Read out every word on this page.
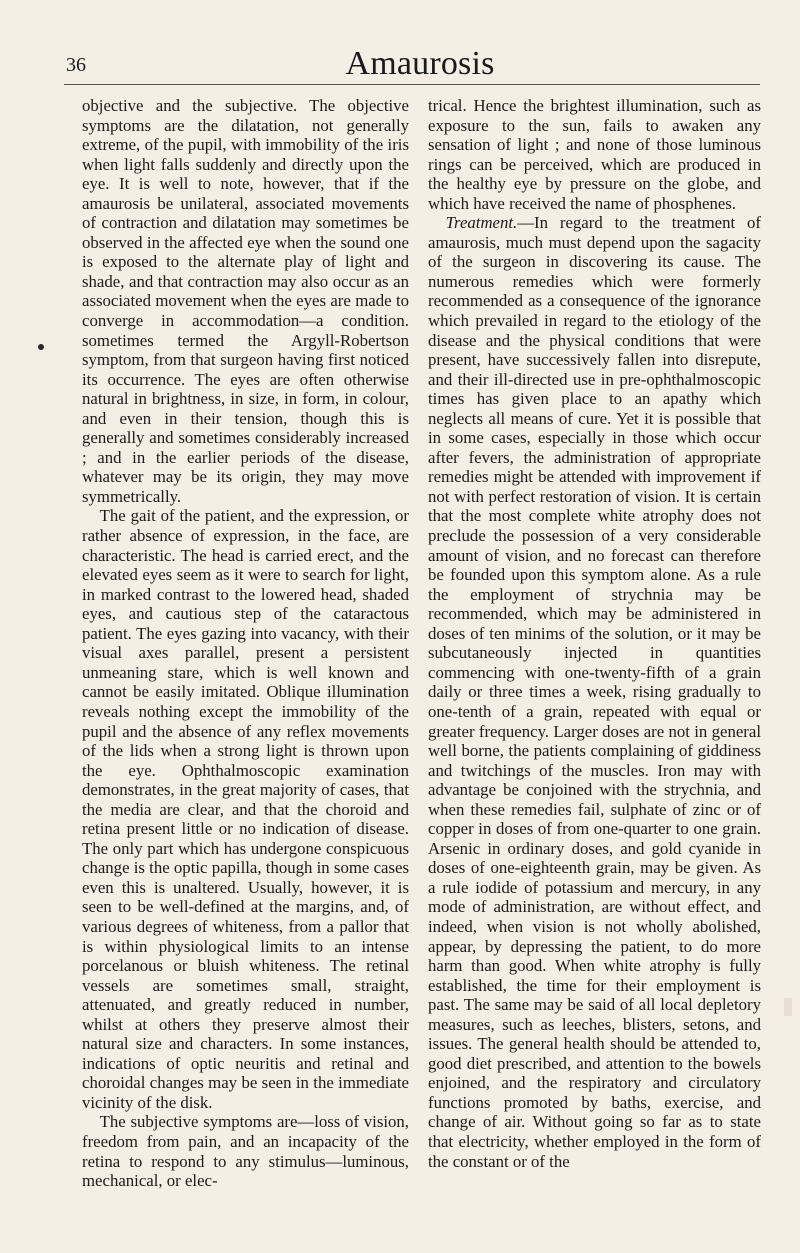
36	Amaurosis

objective and the subjective. The objective symptoms are the dilatation, not generally extreme, of the pupil, with immobility of the iris when light falls suddenly and directly upon the eye. It is well to note, however, that if the amaurosis be unilateral, associated movements of contraction and dilatation may sometimes be observed in the affected eye when the sound one is exposed to the alternate play of light and shade, and that contraction may also occur as an associated movement when the eyes are made to converge in accommodation—a condition. sometimes termed the Argyll-Robertson symptom, from that surgeon having first noticed its occurrence. The eyes are often otherwise natural in brightness, in size, in form, in colour, and even in their tension, though this is generally and sometimes considerably increased ; and in the earlier periods of the disease, whatever may be its origin, they may move symmetrically.

The gait of the patient, and the expression, or rather absence of expression, in the face, are characteristic. The head is carried erect, and the elevated eyes seem as it were to search for light, in marked contrast to the lowered head, shaded eyes, and cautious step of the cataractous patient. The eyes gazing into vacancy, with their visual axes parallel, present a persistent unmeaning stare, which is well known and cannot be easily imitated. Oblique illumination reveals nothing except the immobility of the pupil and the absence of any reflex movements of the lids when a strong light is thrown upon the eye. Ophthalmoscopic examination demonstrates, in the great majority of cases, that the media are clear, and that the choroid and retina present little or no indication of disease. The only part which has undergone conspicuous change is the optic papilla, though in some cases even this is unaltered. Usually, however, it is seen to be well-defined at the margins, and, of various degrees of whiteness, from a pallor that is within physiological limits to an intense porcelanous or bluish whiteness. The retinal vessels are sometimes small, straight, attenuated, and greatly reduced in number, whilst at others they preserve almost their natural size and characters. In some instances, indications of optic neuritis and retinal and choroidal changes may be seen in the immediate vicinity of the disk.

The subjective symptoms are—loss of vision, freedom from pain, and an incapacity of the retina to respond to any stimulus—luminous, mechanical, or elec-

trical. Hence the brightest illumination, such as exposure to the sun, fails to awaken any sensation of light ; and none of those luminous rings can be perceived, which are produced in the healthy eye by pressure on the globe, and which have received the name of phosphenes.

Treatment.—In regard to the treatment of amaurosis, much must depend upon the sagacity of the surgeon in discovering its cause. The numerous remedies which were formerly recommended as a consequence of the ignorance which prevailed in regard to the etiology of the disease and the physical conditions that were present, have successively fallen into disrepute, and their ill-directed use in pre-ophthalmoscopic times has given place to an apathy which neglects all means of cure. Yet it is possible that in some cases, especially in those which occur after fevers, the administration of appropriate remedies might be attended with improvement if not with perfect restoration of vision. It is certain that the most complete white atrophy does not preclude the possession of a very considerable amount of vision, and no forecast can therefore be founded upon this symptom alone. As a rule the employment of strychnia may be recommended, which may be administered in doses of ten minims of the solution, or it may be subcutaneously injected in quantities commencing with one-twenty-fifth of a grain daily or three times a week, rising gradually to one-tenth of a grain, repeated with equal or greater frequency. Larger doses are not in general well borne, the patients complaining of giddiness and twitchings of the muscles. Iron may with advantage be conjoined with the strychnia, and when these remedies fail, sulphate of zinc or of copper in doses of from one-quarter to one grain. Arsenic in ordinary doses, and gold cyanide in doses of one-eighteenth grain, may be given. As a rule iodide of potassium and mercury, in any mode of administration, are without effect, and indeed, when vision is not wholly abolished, appear, by depressing the patient, to do more harm than good. When white atrophy is fully established, the time for their employment is past. The same may be said of all local depletory measures, such as leeches, blisters, setons, and issues. The general health should be attended to, good diet prescribed, and attention to the bowels enjoined, and the respiratory and circulatory functions promoted by baths, exercise, and change of air. Without going so far as to state that electricity, whether employed in the form of the constant or of the
